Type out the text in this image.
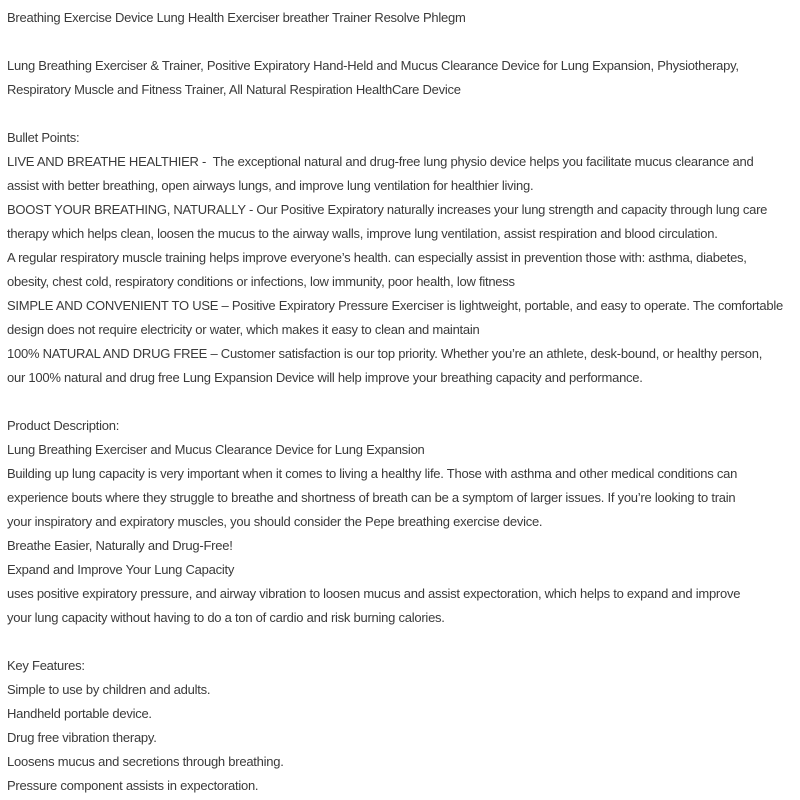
Breathing Exercise Device Lung Health Exerciser breather Trainer Resolve Phlegm
Lung Breathing Exerciser & Trainer, Positive Expiratory Hand-Held and Mucus Clearance Device for Lung Expansion, Physiotherapy,
Respiratory Muscle and Fitness Trainer, All Natural Respiration HealthCare Device
Bullet Points:
LIVE AND BREATHE HEALTHIER -  The exceptional natural and drug-free lung physio device helps you facilitate mucus clearance and
assist with better breathing, open airways lungs, and improve lung ventilation for healthier living.
BOOST YOUR BREATHING, NATURALLY - Our Positive Expiratory naturally increases your lung strength and capacity through lung care
therapy which helps clean, loosen the mucus to the airway walls, improve lung ventilation, assist respiration and blood circulation.
A regular respiratory muscle training helps improve everyone’s health. can especially assist in prevention those with: asthma, diabetes,
obesity, chest cold, respiratory conditions or infections, low immunity, poor health, low fitness
SIMPLE AND CONVENIENT TO USE – Positive Expiratory Pressure Exerciser is lightweight, portable, and easy to operate. The comfortable
design does not require electricity or water, which makes it easy to clean and maintain
100% NATURAL AND DRUG FREE – Customer satisfaction is our top priority. Whether you’re an athlete, desk-bound, or healthy person,
our 100% natural and drug free Lung Expansion Device will help improve your breathing capacity and performance.
Product Description:
Lung Breathing Exerciser and Mucus Clearance Device for Lung Expansion
Building up lung capacity is very important when it comes to living a healthy life. Those with asthma and other medical conditions can
experience bouts where they struggle to breathe and shortness of breath can be a symptom of larger issues. If you’re looking to train
your inspiratory and expiratory muscles, you should consider the Pepe breathing exercise device.
Breathe Easier, Naturally and Drug-Free!
Expand and Improve Your Lung Capacity
uses positive expiratory pressure, and airway vibration to loosen mucus and assist expectoration, which helps to expand and improve
your lung capacity without having to do a ton of cardio and risk burning calories.
Key Features:
Simple to use by children and adults.
Handheld portable device.
Drug free vibration therapy.
Loosens mucus and secretions through breathing.
Pressure component assists in expectoration.
